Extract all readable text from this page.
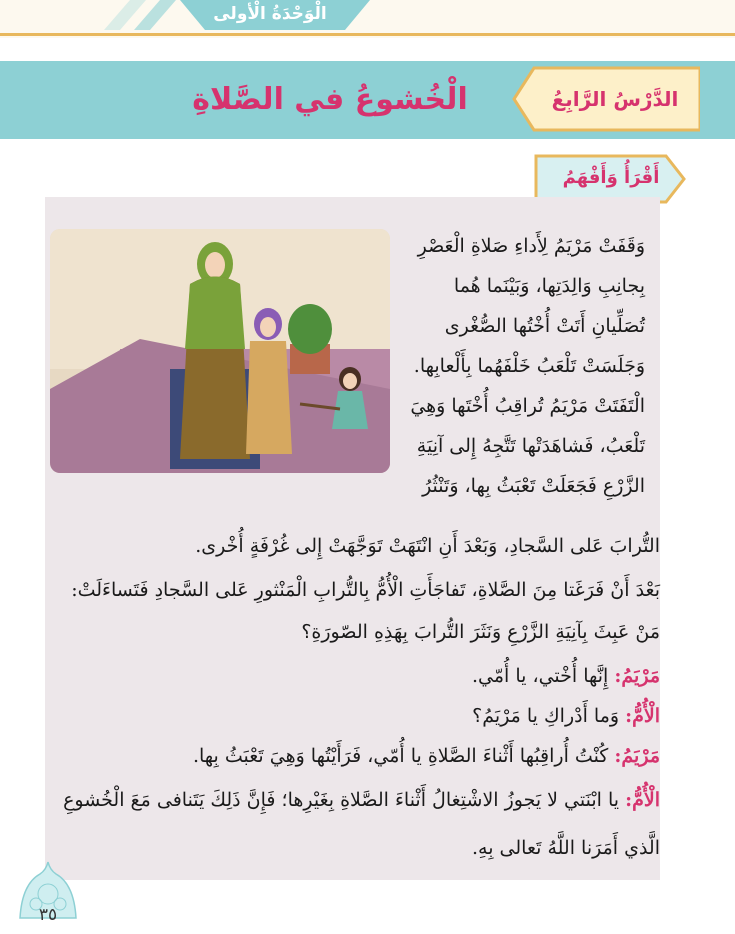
الْوَحْدَةُ الْأولى
الدَّرْسُ الرَّابِعُ
الْخُشوعُ في الصَّلاةِ
أَقْرَأُ وَأَفْهَمُ
وَقَفَتْ مَرْيَمُ لِأَداءِ صَلاةِ الْعَصْرِ
بِجانِبِ وَالِدَتِها، وَبَيْنَما هُما
تُصَلِّيانِ أَتَتْ أُخْتُها الصُّغْرى
وَجَلَسَتْ تَلْعَبُ خَلْفَهُما بِأَلْعابِها.
الْتَفَتَتْ مَرْيَمُ تُراقِبُ أُخْتَها وَهِيَ
تَلْعَبُ، فَشاهَدَتْها تَتَّجِهُ إِلى آنِيَةِ
الزَّرْعِ فَجَعَلَتْ تَعْبَثُ بِها، وَتَنْثُرُ
التُّرابَ عَلى السَّجادِ، وَبَعْدَ أَنِ انْتَهَتْ تَوَجَّهَتْ إِلى غُرْفَةٍ أُخْرى.
بَعْدَ أَنْ فَرَغَتا مِنَ الصَّلاةِ، تَفاجَأَتِ الْأُمُّ بِالتُّرابِ الْمَنْثورِ عَلى السَّجادِ فَتَساءَلَتْ:
مَنْ عَبِثَ بِآنِيَةِ الزَّرْعِ وَنَثَرَ التُّرابَ بِهَذِهِ الصّورَةِ؟
مَرْيَمُ: إِنَّها أُخْتي، يا أُمّي.
الْأُمُّ: وَما أَدْراكِ يا مَرْيَمُ؟
مَرْيَمُ: كُنْتُ أُراقِبُها أَثْناءَ الصَّلاةِ يا أُمّي، فَرَأَيْتُها وَهِيَ تَعْبَثُ بِها.
الْأُمُّ: يا ابْنَتي لا يَجوزُ الاشْتِغالُ أَثْناءَ الصَّلاةِ بِغَيْرِها؛ فَإِنَّ ذَلِكَ يَتَنافى مَعَ الْخُشوعِ
الَّذي أَمَرَنا اللَّهُ تَعالى بِهِ.
٣٥
